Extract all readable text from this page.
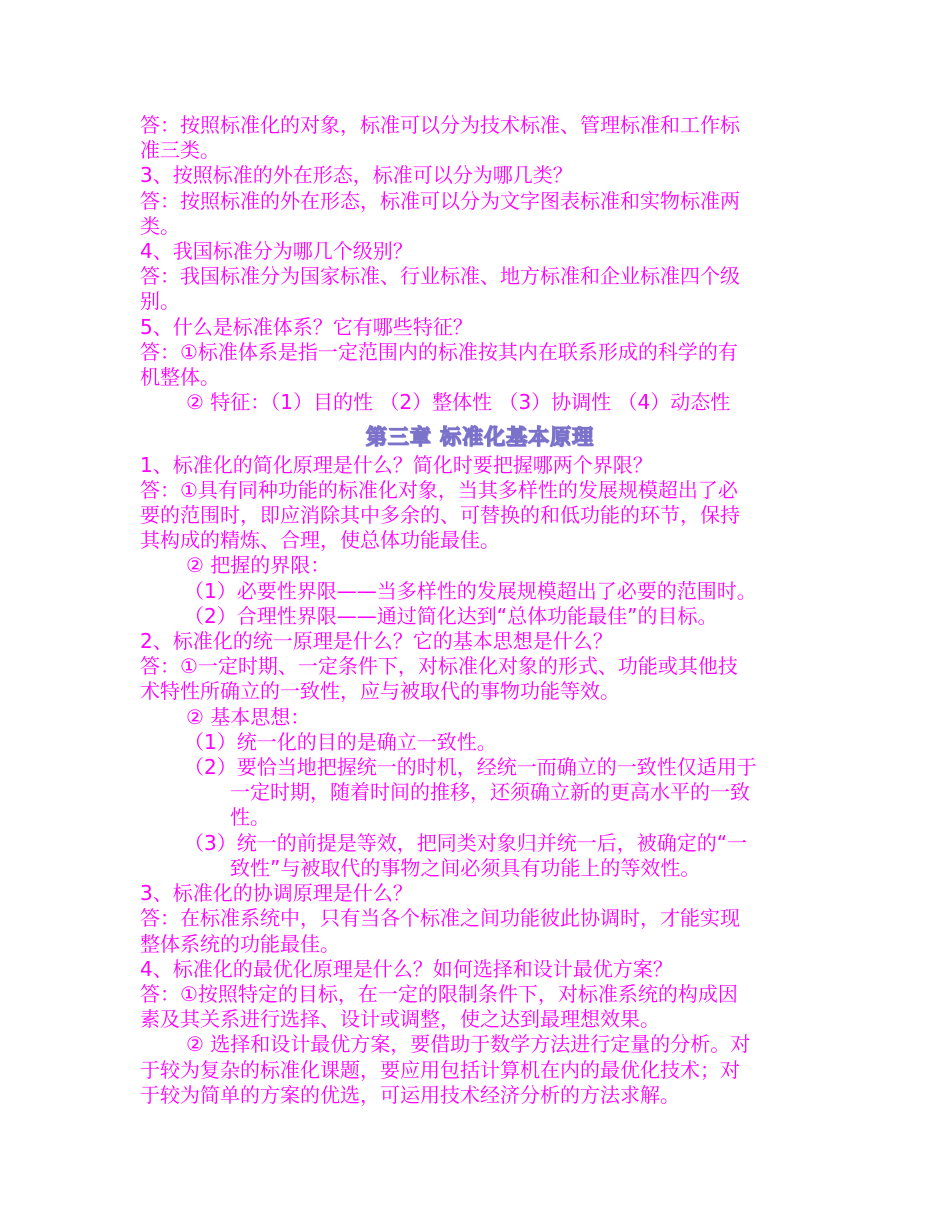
答：按照标准化的对象，标准可以分为技术标准、管理标准和工作标
准三类。
3、按照标准的外在形态，标准可以分为哪几类？
答：按照标准的外在形态，标准可以分为文字图表标准和实物标准两
类。
4、我国标准分为哪几个级别？
答：我国标准分为国家标准、行业标准、地方标准和企业标准四个级
别。
5、什么是标准体系？它有哪些特征？
答：①标准体系是指一定范围内的标准按其内在联系形成的科学的有
机整体。
② 特征：（1）目的性 （2）整体性 （3）协调性 （4）动态性
第三章 标准化基本原理
1、标准化的简化原理是什么？简化时要把握哪两个界限？
答：①具有同种功能的标准化对象，当其多样性的发展规模超出了必
要的范围时，即应消除其中多余的、可替换的和低功能的环节，保持
其构成的精炼、合理，使总体功能最佳。
② 把握的界限：
（1）必要性界限——当多样性的发展规模超出了必要的范围时。
（2）合理性界限——通过简化达到“总体功能最佳”的目标。
2、标准化的统一原理是什么？它的基本思想是什么？
答：①一定时期、一定条件下，对标准化对象的形式、功能或其他技
术特性所确立的一致性，应与被取代的事物功能等效。
② 基本思想：
（1）统一化的目的是确立一致性。
（2）要恰当地把握统一的时机，经统一而确立的一致性仅适用于
一定时期，随着时间的推移，还须确立新的更高水平的一致
性。
（3）统一的前提是等效，把同类对象归并统一后，被确定的“一
致性”与被取代的事物之间必须具有功能上的等效性。
3、标准化的协调原理是什么？
答：在标准系统中，只有当各个标准之间功能彼此协调时，才能实现
整体系统的功能最佳。
4、标准化的最优化原理是什么？如何选择和设计最优方案？
答：①按照特定的目标，在一定的限制条件下，对标准系统的构成因
素及其关系进行选择、设计或调整，使之达到最理想效果。
② 选择和设计最优方案，要借助于数学方法进行定量的分析。对
于较为复杂的标准化课题，要应用包括计算机在内的最优化技术；对
于较为简单的方案的优选，可运用技术经济分析的方法求解。
